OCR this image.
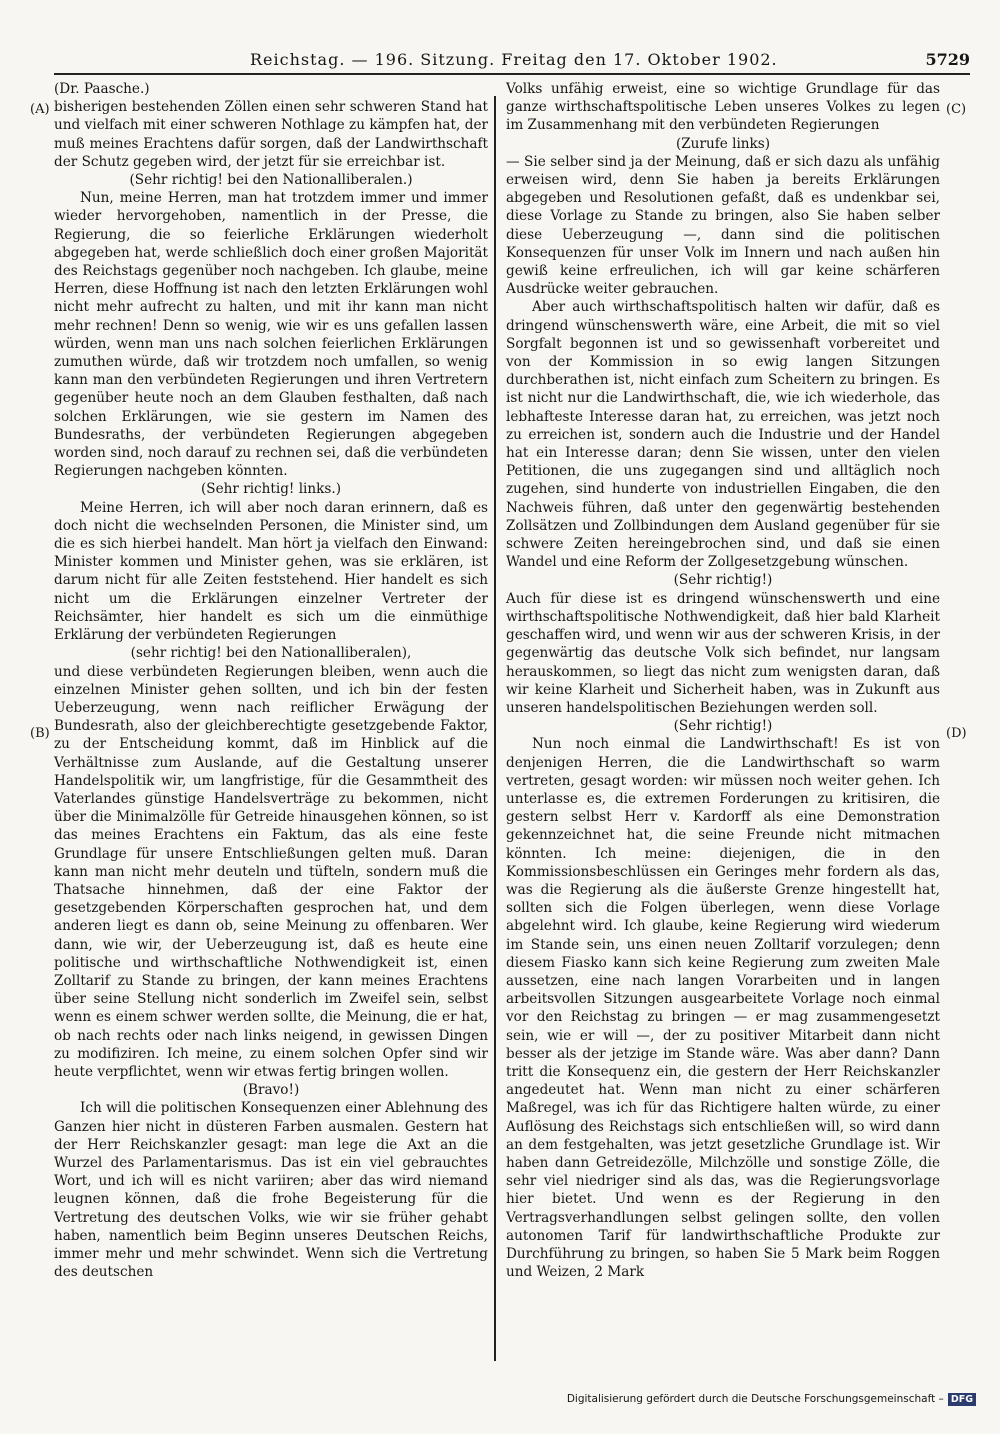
Reichstag. — 196. Sitzung. Freitag den 17. Oktober 1902.	5729
(A)
(B)
(C)
(D)

(Dr. Paasche.)

bisherigen bestehenden Zöllen einen sehr schweren Stand hat und vielfach mit einer schweren Nothlage zu kämpfen hat, der muß meines Erachtens dafür sorgen, daß der Landwirthschaft der Schutz gegeben wird, der jetzt für sie erreichbar ist.

(Sehr richtig! bei den Nationalliberalen.)

Nun, meine Herren, man hat trotzdem immer und immer wieder hervorgehoben, namentlich in der Presse, die Regierung, die so feierliche Erklärungen wiederholt abgegeben hat, werde schließlich doch einer großen Majorität des Reichstags gegenüber noch nachgeben. Ich glaube, meine Herren, diese Hoffnung ist nach den letzten Erklärungen wohl nicht mehr aufrecht zu halten, und mit ihr kann man nicht mehr rechnen! Denn so wenig, wie wir es uns gefallen lassen würden, wenn man uns nach solchen feierlichen Erklärungen zumuthen würde, daß wir trotzdem noch umfallen, so wenig kann man den verbündeten Regierungen und ihren Vertretern gegenüber heute noch an dem Glauben festhalten, daß nach solchen Erklärungen, wie sie gestern im Namen des Bundesraths, der verbündeten Regierungen abgegeben worden sind, noch darauf zu rechnen sei, daß die verbündeten Regierungen nachgeben könnten.

(Sehr richtig! links.)

Meine Herren, ich will aber noch daran erinnern, daß es doch nicht die wechselnden Personen, die Minister sind, um die es sich hierbei handelt. Man hört ja vielfach den Einwand: Minister kommen und Minister gehen, was sie erklären, ist darum nicht für alle Zeiten feststehend. Hier handelt es sich nicht um die Erklärungen einzelner Vertreter der Reichsämter, hier handelt es sich um die einmüthige Erklärung der verbündeten Regierungen

(sehr richtig! bei den Nationalliberalen),

und diese verbündeten Regierungen bleiben, wenn auch die einzelnen Minister gehen sollten, und ich bin der festen Ueberzeugung, wenn nach reiflicher Erwägung der Bundesrath, also der gleichberechtigte gesetzgebende Faktor, zu der Entscheidung kommt, daß im Hinblick auf die Verhältnisse zum Auslande, auf die Gestaltung unserer Handelspolitik wir, um langfristige, für die Gesammtheit des Vaterlandes günstige Handelsverträge zu bekommen, nicht über die Minimalzölle für Getreide hinausgehen können, so ist das meines Erachtens ein Faktum, das als eine feste Grundlage für unsere Entschließungen gelten muß. Daran kann man nicht mehr deuteln und tüfteln, sondern muß die Thatsache hinnehmen, daß der eine Faktor der gesetzgebenden Körperschaften gesprochen hat, und dem anderen liegt es dann ob, seine Meinung zu offenbaren. Wer dann, wie wir, der Ueberzeugung ist, daß es heute eine politische und wirthschaftliche Nothwendigkeit ist, einen Zolltarif zu Stande zu bringen, der kann meines Erachtens über seine Stellung nicht sonderlich im Zweifel sein, selbst wenn es einem schwer werden sollte, die Meinung, die er hat, ob nach rechts oder nach links neigend, in gewissen Dingen zu modifiziren. Ich meine, zu einem solchen Opfer sind wir heute verpflichtet, wenn wir etwas fertig bringen wollen.

(Bravo!)

Ich will die politischen Konsequenzen einer Ablehnung des Ganzen hier nicht in düsteren Farben ausmalen. Gestern hat der Herr Reichskanzler gesagt: man lege die Axt an die Wurzel des Parlamentarismus. Das ist ein viel gebrauchtes Wort, und ich will es nicht variiren; aber das wird niemand leugnen können, daß die frohe Begeisterung für die Vertretung des deutschen Volks, wie wir sie früher gehabt haben, namentlich beim Beginn unseres Deutschen Reichs, immer mehr und mehr schwindet. Wenn sich die Vertretung des deutschen

Volks unfähig erweist, eine so wichtige Grundlage für das ganze wirthschaftspolitische Leben unseres Volkes zu legen im Zusammenhang mit den verbündeten Regierungen

(Zurufe links)

— Sie selber sind ja der Meinung, daß er sich dazu als unfähig erweisen wird, denn Sie haben ja bereits Erklärungen abgegeben und Resolutionen gefaßt, daß es undenkbar sei, diese Vorlage zu Stande zu bringen, also Sie haben selber diese Ueberzeugung —, dann sind die politischen Konsequenzen für unser Volk im Innern und nach außen hin gewiß keine erfreulichen, ich will gar keine schärferen Ausdrücke weiter gebrauchen.

Aber auch wirthschaftspolitisch halten wir dafür, daß es dringend wünschenswerth wäre, eine Arbeit, die mit so viel Sorgfalt begonnen ist und so gewissenhaft vorbereitet und von der Kommission in so ewig langen Sitzungen durchberathen ist, nicht einfach zum Scheitern zu bringen. Es ist nicht nur die Landwirthschaft, die, wie ich wiederhole, das lebhafteste Interesse daran hat, zu erreichen, was jetzt noch zu erreichen ist, sondern auch die Industrie und der Handel hat ein Interesse daran; denn Sie wissen, unter den vielen Petitionen, die uns zugegangen sind und alltäglich noch zugehen, sind hunderte von industriellen Eingaben, die den Nachweis führen, daß unter den gegenwärtig bestehenden Zollsätzen und Zollbindungen dem Ausland gegenüber für sie schwere Zeiten hereingebrochen sind, und daß sie einen Wandel und eine Reform der Zollgesetzgebung wünschen.

(Sehr richtig!)

Auch für diese ist es dringend wünschenswerth und eine wirthschaftspolitische Nothwendigkeit, daß hier bald Klarheit geschaffen wird, und wenn wir aus der schweren Krisis, in der gegenwärtig das deutsche Volk sich befindet, nur langsam herauskommen, so liegt das nicht zum wenigsten daran, daß wir keine Klarheit und Sicherheit haben, was in Zukunft aus unseren handelspolitischen Beziehungen werden soll.

(Sehr richtig!)

Nun noch einmal die Landwirthschaft! Es ist von denjenigen Herren, die die Landwirthschaft so warm vertreten, gesagt worden: wir müssen noch weiter gehen. Ich unterlasse es, die extremen Forderungen zu kritisiren, die gestern selbst Herr v. Kardorff als eine Demonstration gekennzeichnet hat, die seine Freunde nicht mitmachen könnten. Ich meine: diejenigen, die in den Kommissionsbeschlüssen ein Geringes mehr fordern als das, was die Regierung als die äußerste Grenze hingestellt hat, sollten sich die Folgen überlegen, wenn diese Vorlage abgelehnt wird. Ich glaube, keine Regierung wird wiederum im Stande sein, uns einen neuen Zolltarif vorzulegen; denn diesem Fiasko kann sich keine Regierung zum zweiten Male aussetzen, eine nach langen Vorarbeiten und in langen arbeitsvollen Sitzungen ausgearbeitete Vorlage noch einmal vor den Reichstag zu bringen — er mag zusammengesetzt sein, wie er will —, der zu positiver Mitarbeit dann nicht besser als der jetzige im Stande wäre. Was aber dann? Dann tritt die Konsequenz ein, die gestern der Herr Reichskanzler angedeutet hat. Wenn man nicht zu einer schärferen Maßregel, was ich für das Richtigere halten würde, zu einer Auflösung des Reichstags sich entschließen will, so wird dann an dem festgehalten, was jetzt gesetzliche Grundlage ist. Wir haben dann Getreidezölle, Milchzölle und sonstige Zölle, die sehr viel niedriger sind als das, was die Regierungsvorlage hier bietet. Und wenn es der Regierung in den Vertragsverhandlungen selbst gelingen sollte, den vollen autonomen Tarif für landwirthschaftliche Produkte zur Durchführung zu bringen, so haben Sie 5 Mark beim Roggen und Weizen, 2 Mark

Digitalisierung gefördert durch die Deutsche Forschungsgemeinschaft – DFG
